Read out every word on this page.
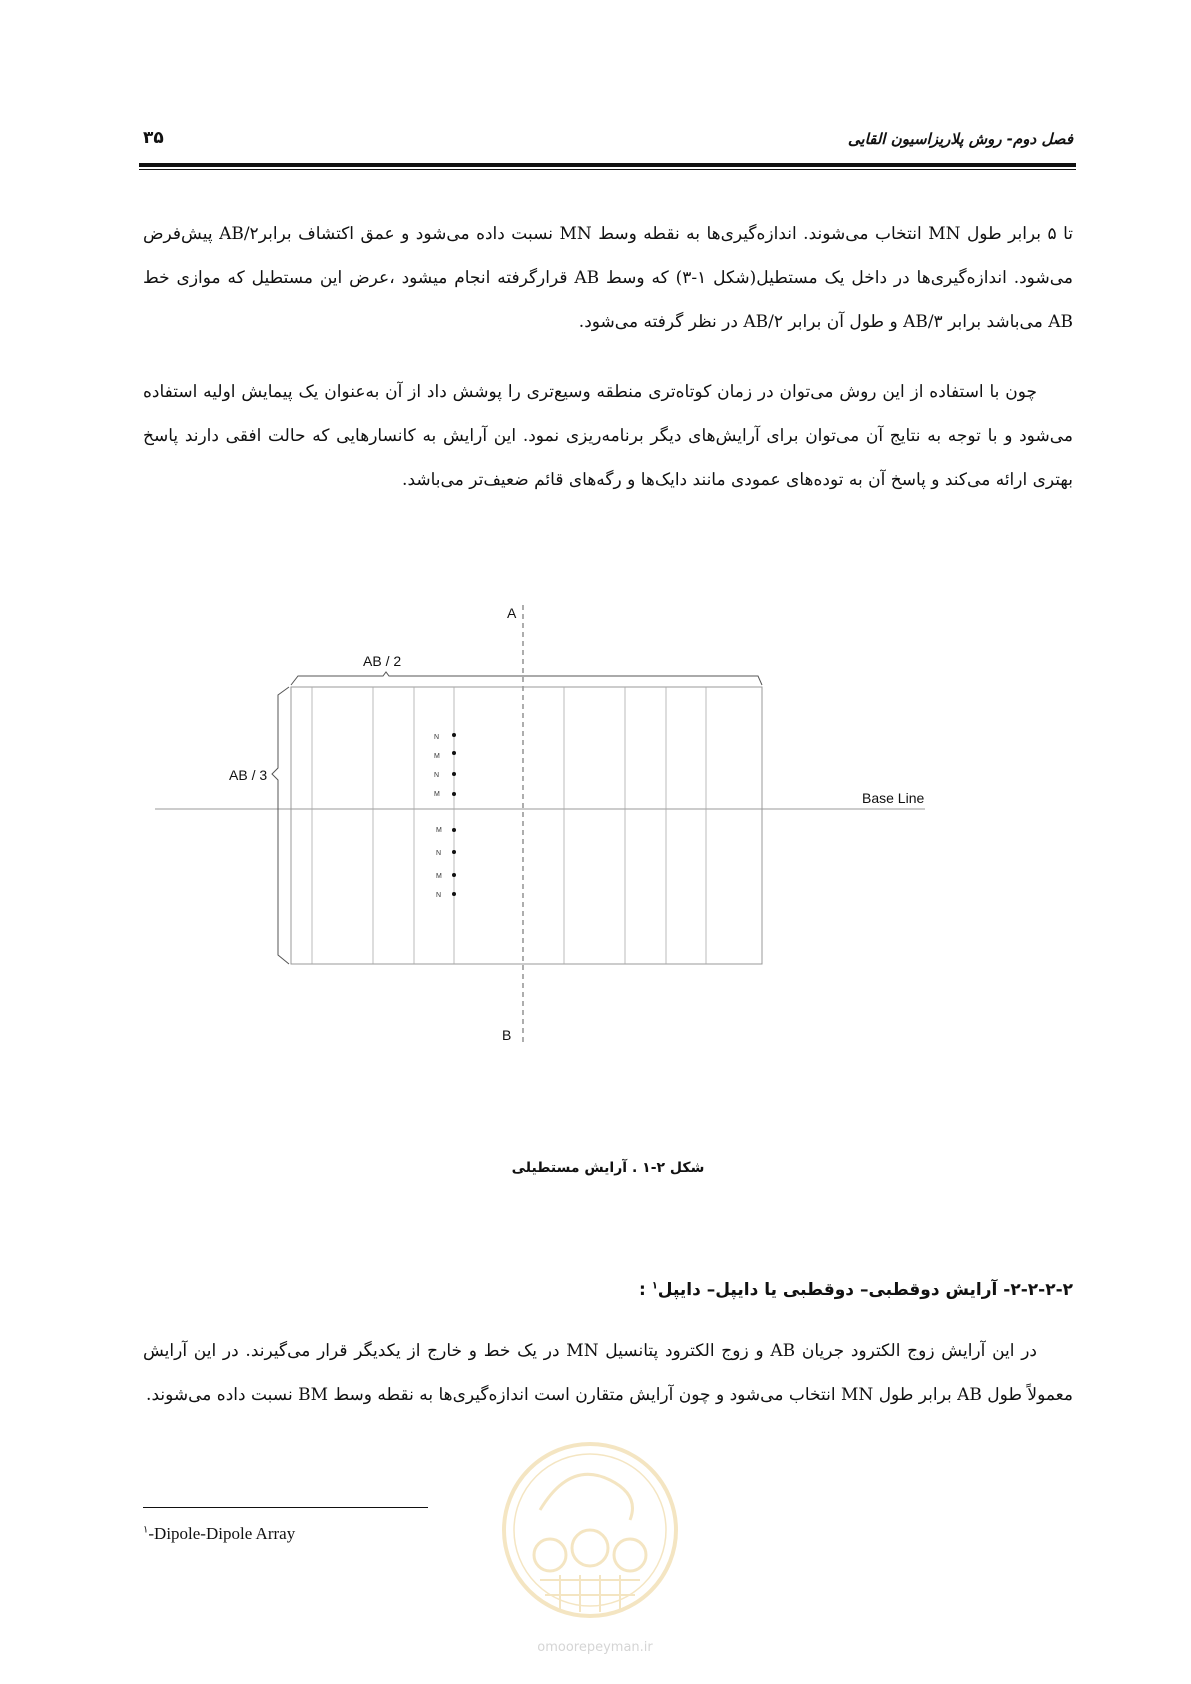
فصل دوم- روش پلاریزاسیون القایی
۳۵

تا ۵ برابر طول MN انتخاب می‌شوند. اندازه‌گیری‌ها به نقطه وسط MN نسبت داده می‌شود و عمق اکتشاف برابرAB/۲ پیش‌فرض می‌شود. اندازه‌گیری‌ها در داخل یک مستطیل(شکل ۱-۳) که وسط AB قرارگرفته انجام میشود ،عرض این مستطیل که موازی خط AB می‌باشد برابر AB/۳ و طول آن برابر AB/۲ در نظر گرفته می‌شود.

چون با استفاده از این روش می‌توان در زمان کوتاه‌تری منطقه وسیع‌تری را پوشش داد از آن به‌عنوان یک پیمایش اولیه استفاده می‌شود و با توجه به نتایج آن می‌توان برای آرایش‌های دیگر برنامه‌ریزی نمود. این آرایش به کانسارهایی که حالت افقی دارند پاسخ بهتری ارائه می‌کند و پاسخ آن به توده‌های عمودی مانند دایک‌ها و رگه‌های قائم ضعیف‌تر می‌باشد.

A
B
AB / 2
AB / 3
Base Line
N
M
N
M
M
N
M
N
شکل ۲-۱ . آرایش مستطیلی
۲-۲-۲-۲- آرایش دوقطبی– دوقطبی یا دایپل– دایپل$^۱$ :

در این آرایش زوج الکترود جریان AB و زوج الکترود پتانسیل MN در یک خط و خارج از یکدیگر قرار می‌گیرند. در این آرایش معمولاً طول AB برابر طول MN انتخاب می‌شود و چون آرایش متقارن است اندازه‌گیری‌ها به نقطه وسط BM نسبت داده می‌شوند.

$^۱$-Dipole-Dipole Array
omoorepeyman.ir
